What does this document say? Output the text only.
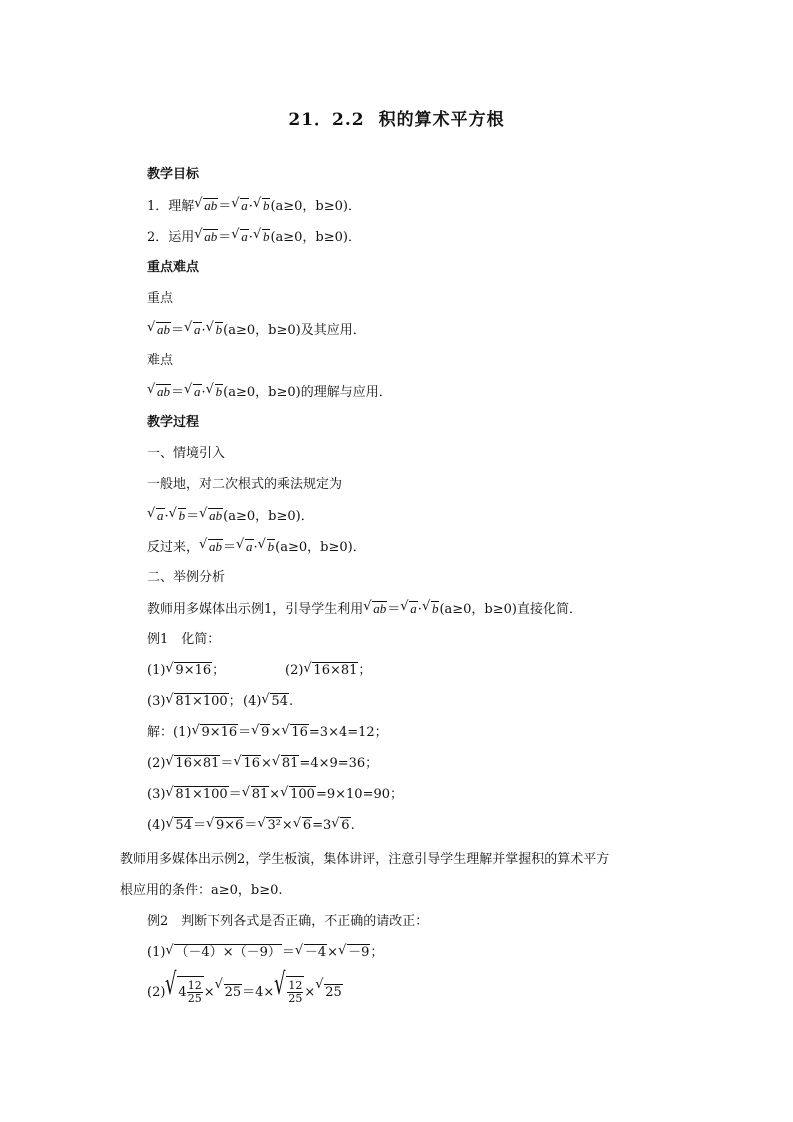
21．2.2 积的算术平方根
教学目标
1．理解 √ ab＝ √ a· √ b(a≥0，b≥0)．
2．运用 √ ab＝ √ a· √ b(a≥0，b≥0)．
重点难点
重点
√ ab＝ √ a· √ b(a≥0，b≥0)及其应用．
难点
√ ab＝ √ a· √ b(a≥0，b≥0)的理解与应用．
教学过程
一、情境引入
一般地，对二次根式的乘法规定为
√ a· √ b＝ √ ab(a≥0，b≥0)．
反过来， √ ab＝ √ a· √ b(a≥0，b≥0)．
二、举例分析
教师用多媒体出示例1，引导学生利用 √ ab＝ √ a· √ b(a≥0，b≥0)直接化简．
例1　化简：
(1) √ 9×16；	(2) √ 16×81；
(3) √ 81×100； (4) √ 54.
解：(1) √ 9×16＝ √ 9× √ 16=3×4=12；
(2) √ 16×81＝ √ 16× √ 81=4×9=36；
(3) √ 81×100＝ √ 81× √ 100=9×10=90；
(4) √ 54＝ √ 9×6＝ √ 3²× √ 6=3 √ 6.
教师用多媒体出示例2，学生板演，集体讲评，注意引导学生理解并掌握积的算术平方
根应用的条件：a≥0，b≥0.
例2　判断下列各式是否正确，不正确的请改正：
(1) √ （－4）×（－9）＝ √ －4× √ －9；
(2) √ $4 \frac{12}{25}$ ×
√
25＝4× √ $\frac{12}{25}$ ×
√
25
